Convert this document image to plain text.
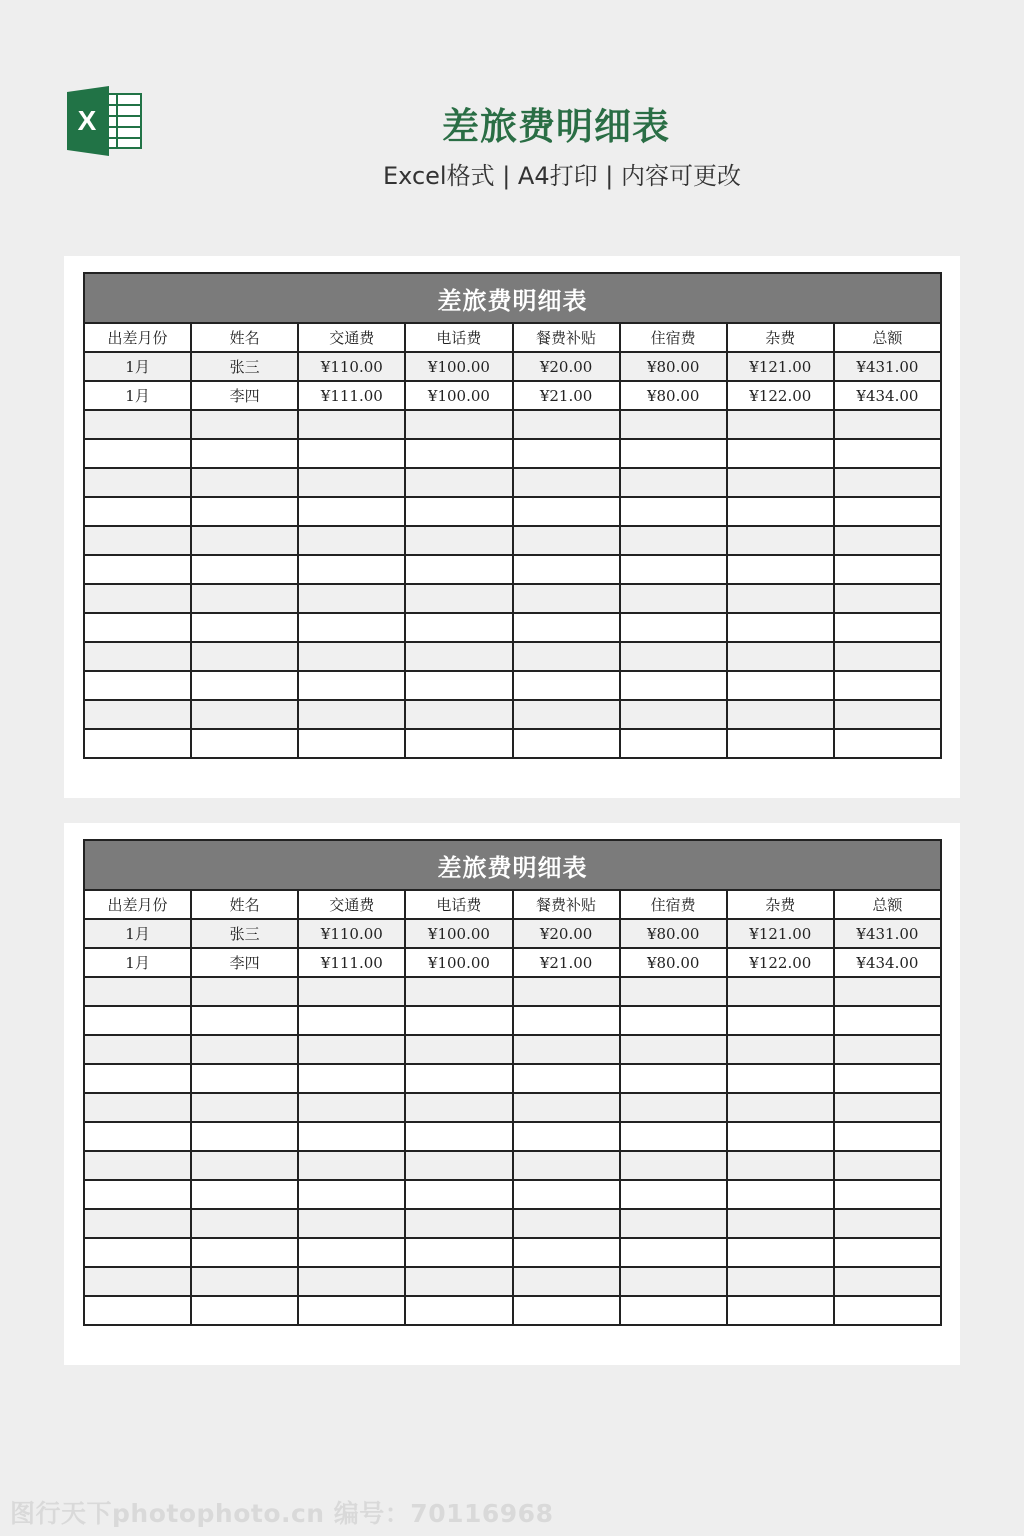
X	差旅费明细表
Excel格式 | A4打印 | 内容可更改
差旅费明细表							
出差月份	姓名	交通费	电话费	餐费补贴	住宿费	杂费	总额
1月	张三	¥110.00	¥100.00	¥20.00	¥80.00	¥121.00	¥431.00
1月	李四	¥111.00	¥100.00	¥21.00	¥80.00	¥122.00	¥434.00

差旅费明细表							
出差月份	姓名	交通费	电话费	餐费补贴	住宿费	杂费	总额
1月	张三	¥110.00	¥100.00	¥20.00	¥80.00	¥121.00	¥431.00
1月	李四	¥111.00	¥100.00	¥21.00	¥80.00	¥122.00	¥434.00

图行天下photophoto.cn 编号：70116968
